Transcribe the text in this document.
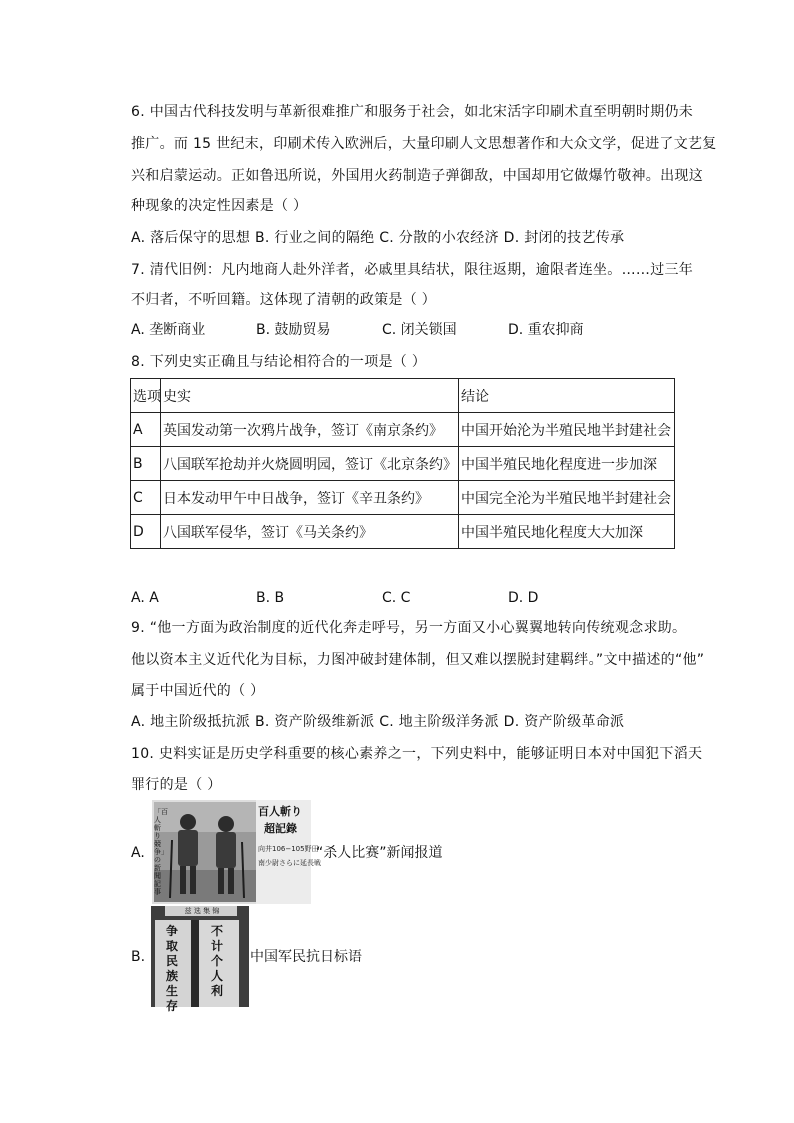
6. 中国古代科技发明与革新很难推广和服务于社会，如北宋活字印刷术直至明朝时期仍未
推广。而 15 世纪末，印刷术传入欧洲后，大量印刷人文思想著作和大众文学，促进了文艺复
兴和启蒙运动。正如鲁迅所说，外国用火药制造子弹御敌，中国却用它做爆竹敬神。出现这
种现象的决定性因素是（ ）
A. 落后保守的思想 B. 行业之间的隔绝 C. 分散的小农经济 D. 封闭的技艺传承
7. 清代旧例：凡内地商人赴外洋者，必戚里具结状，限往返期，逾限者连坐。……过三年
不归者，不听回籍。这体现了清朝的政策是（ ）
A. 垄断商业	B. 鼓励贸易	C. 闭关锁国	D. 重农抑商
8. 下列史实正确且与结论相符合的一项是（ ）
选项	史实	结论
A	英国发动第一次鸦片战争，签订《南京条约》	中国开始沦为半殖民地半封建社会
B	八国联军抢劫并火烧圆明园，签订《北京条约》	中国半殖民地化程度进一步加深
C	日本发动甲午中日战争，签订《辛丑条约》	中国完全沦为半殖民地半封建社会
D	八国联军侵华，签订《马关条约》	中国半殖民地化程度大大加深
A. A	B. B	C. C	D. D
9. “他一方面为政治制度的近代化奔走呼号，另一方面又小心翼翼地转向传统观念求助。
他以资本主义近代化为目标，力图冲破封建体制，但又难以摆脱封建羁绊。”文中描述的“他”
属于中国近代的（ ）
A. 地主阶级抵抗派 B. 资产阶级维新派 C. 地主阶级洋务派 D. 资产阶级革命派
10. 史料实证是历史学科重要的核心素养之一，下列史料中，能够证明日本对中国犯下滔天
罪行的是（ ）
A.
「百人斬り競争」の新聞記事
百人斬り
超記錄
向井106−105野田
南少尉さらに延長戦
“杀人比赛”新闻报道
B.
兹 选 集 锦
争取民族生存
不计个人利
中国军民抗日标语
